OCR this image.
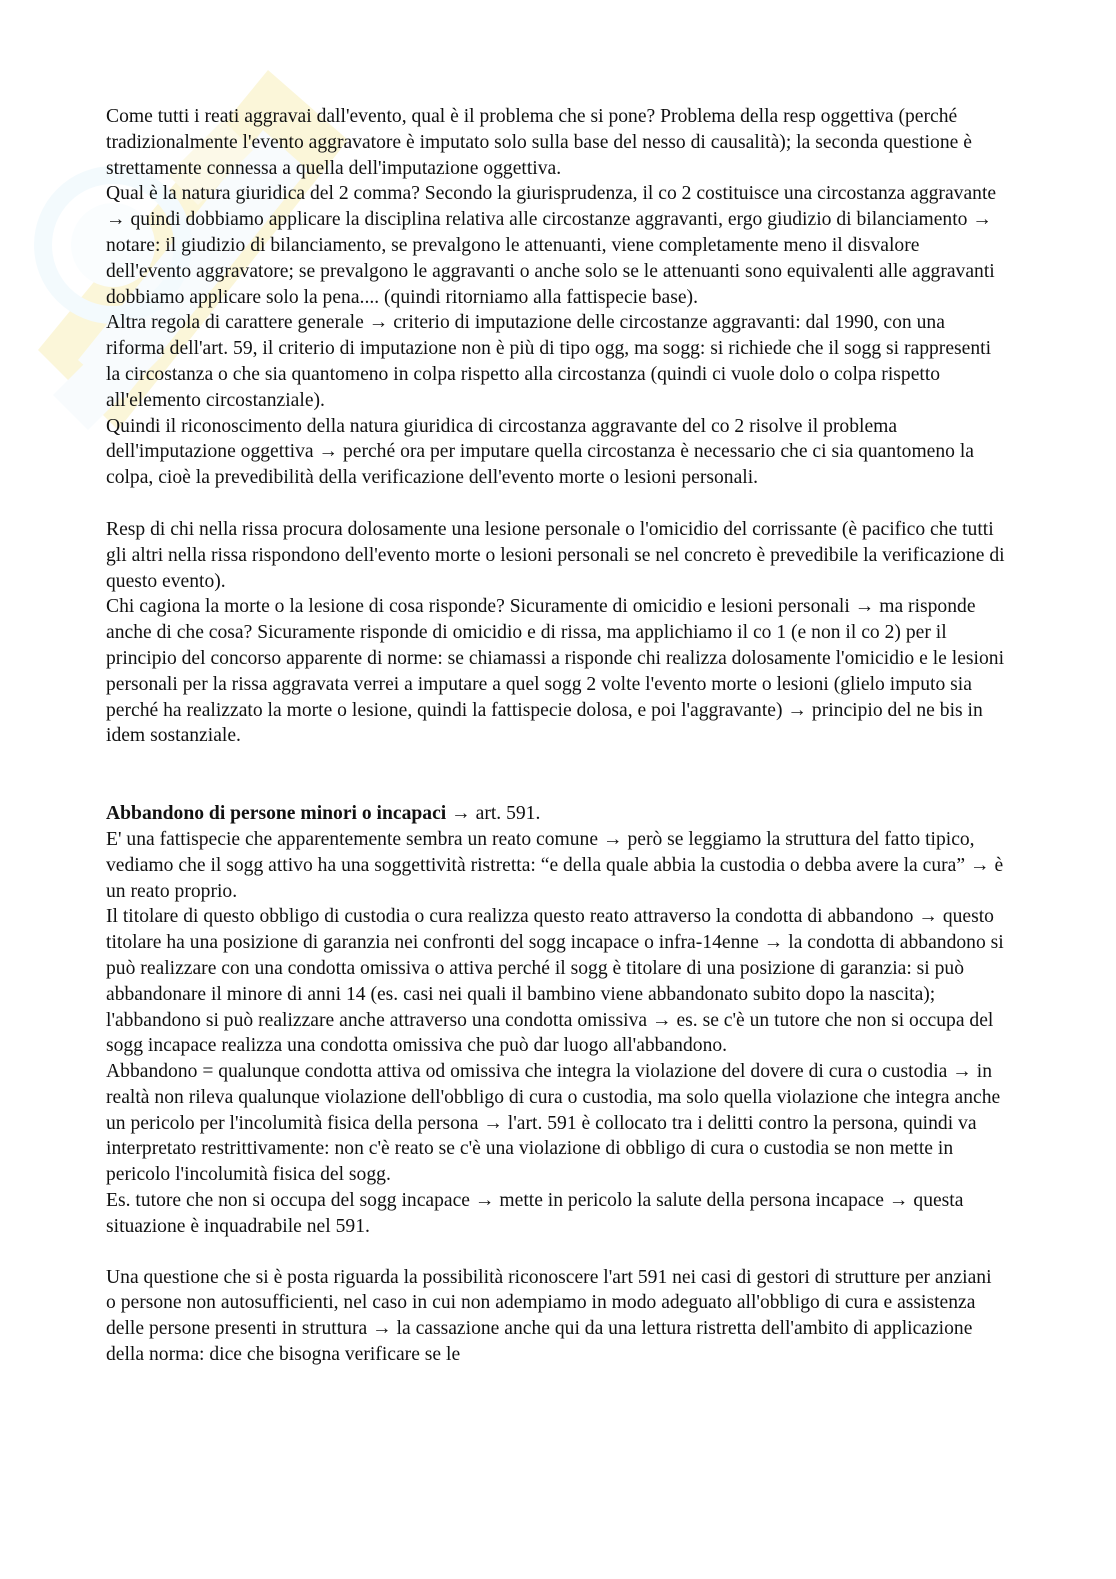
Come tutti i reati aggravai dall'evento, qual è il problema che si pone? Problema della resp oggettiva (perché tradizionalmente l'evento aggravatore è imputato solo sulla base del nesso di causalità); la seconda questione è strettamente connessa a quella dell'imputazione oggettiva.

Qual è la natura giuridica del 2 comma? Secondo la giurisprudenza, il co 2 costituisce una circostanza aggravante → quindi dobbiamo applicare la disciplina relativa alle circostanze aggravanti, ergo giudizio di bilanciamento → notare: il giudizio di bilanciamento, se prevalgono le attenuanti, viene completamente meno il disvalore dell'evento aggravatore; se prevalgono le aggravanti o anche solo se le attenuanti sono equivalenti alle aggravanti dobbiamo applicare solo la pena.... (quindi ritorniamo alla fattispecie base).

Altra regola di carattere generale → criterio di imputazione delle circostanze aggravanti: dal 1990, con una riforma dell'art. 59, il criterio di imputazione non è più di tipo ogg, ma sogg: si richiede che il sogg si rappresenti la circostanza o che sia quantomeno in colpa rispetto alla circostanza (quindi ci vuole dolo o colpa rispetto all'elemento circostanziale).

Quindi il riconoscimento della natura giuridica di circostanza aggravante del co 2 risolve il problema dell'imputazione oggettiva → perché ora per imputare quella circostanza è necessario che ci sia quantomeno la colpa, cioè la prevedibilità della verificazione dell'evento morte o lesioni personali.

Resp di chi nella rissa procura dolosamente una lesione personale o l'omicidio del corrissante (è pacifico che tutti gli altri nella rissa rispondono dell'evento morte o lesioni personali se nel concreto è prevedibile la verificazione di questo evento).

Chi cagiona la morte o la lesione di cosa risponde? Sicuramente di omicidio e lesioni personali → ma risponde anche di che cosa? Sicuramente risponde di omicidio e di rissa, ma applichiamo il co 1 (e non il co 2) per il principio del concorso apparente di norme: se chiamassi a risponde chi realizza dolosamente l'omicidio e le lesioni personali per la rissa aggravata verrei a imputare a quel sogg 2 volte l'evento morte o lesioni (glielo imputo sia perché ha realizzato la morte o lesione, quindi la fattispecie dolosa, e poi l'aggravante) → principio del ne bis in idem sostanziale.

Abbandono di persone minori o incapaci → art. 591.

E' una fattispecie che apparentemente sembra un reato comune → però se leggiamo la struttura del fatto tipico, vediamo che il sogg attivo ha una soggettività ristretta: “e della quale abbia la custodia o debba avere la cura” → è un reato proprio.

Il titolare di questo obbligo di custodia o cura realizza questo reato attraverso la condotta di abbandono → questo titolare ha una posizione di garanzia nei confronti del sogg incapace o infra-14enne → la condotta di abbandono si può realizzare con una condotta omissiva o attiva perché il sogg è titolare di una posizione di garanzia: si può abbandonare il minore di anni 14 (es. casi nei quali il bambino viene abbandonato subito dopo la nascita); l'abbandono si può realizzare anche attraverso una condotta omissiva → es. se c'è un tutore che non si occupa del sogg incapace realizza una condotta omissiva che può dar luogo all'abbandono.

Abbandono = qualunque condotta attiva od omissiva che integra la violazione del dovere di cura o custodia → in realtà non rileva qualunque violazione dell'obbligo di cura o custodia, ma solo quella violazione che integra anche un pericolo per l'incolumità fisica della persona → l'art. 591 è collocato tra i delitti contro la persona, quindi va interpretato restrittivamente: non c'è reato se c'è una violazione di obbligo di cura o custodia se non mette in pericolo l'incolumità fisica del sogg.

Es. tutore che non si occupa del sogg incapace → mette in pericolo la salute della persona incapace → questa situazione è inquadrabile nel 591.

Una questione che si è posta riguarda la possibilità riconoscere l'art 591 nei casi di gestori di strutture per anziani o persone non autosufficienti, nel caso in cui non adempiamo in modo adeguato all'obbligo di cura e assistenza delle persone presenti in struttura → la cassazione anche qui da una lettura ristretta dell'ambito di applicazione della norma: dice che bisogna verificare se le
